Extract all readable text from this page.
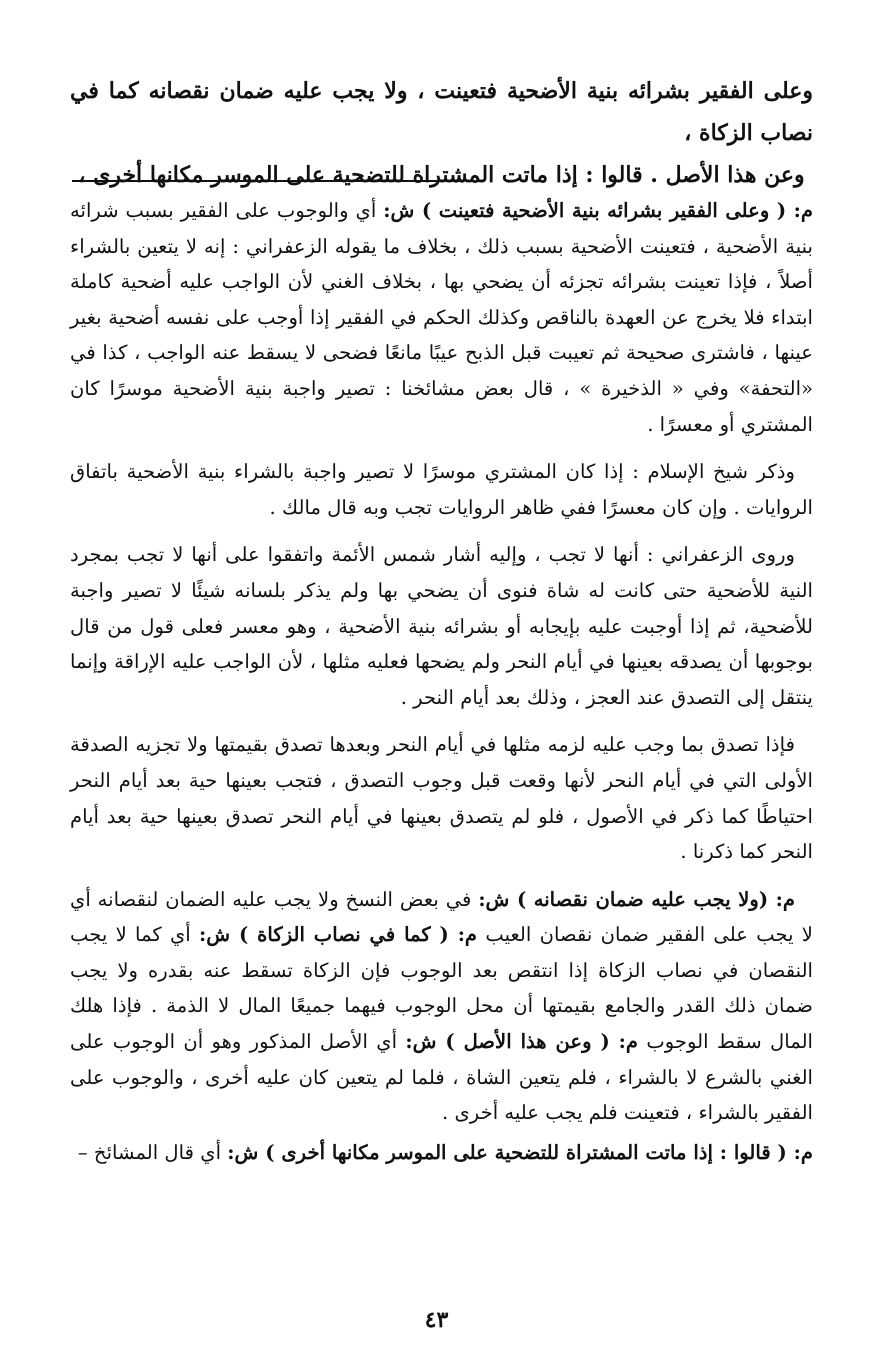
وعلى الفقير بشرائه بنية الأضحية فتعينت ، ولا يجب عليه ضمان نقصانه كما في نصاب الزكاة ،

وعن هذا الأصل . قالوا : إذا ماتت المشتراة للتضحية على الموسر مكانها أخرى ،

م: ( وعلى الفقير بشرائه بنية الأضحية فتعينت ) ش: أي والوجوب على الفقير بسبب شرائه بنية الأضحية ، فتعينت الأضحية بسبب ذلك ، بخلاف ما يقوله الزعفراني : إنه لا يتعين بالشراء أصلاً ، فإذا تعينت بشرائه تجزئه أن يضحي بها ، بخلاف الغني لأن الواجب عليه أضحية كاملة ابتداء فلا يخرج عن العهدة بالناقص وكذلك الحكم في الفقير إذا أوجب على نفسه أضحية بغير عينها ، فاشترى صحيحة ثم تعيبت قبل الذبح عيبًا مانعًا فضحى لا يسقط عنه الواجب ، كذا في «التحفة» وفي « الذخيرة » ، قال بعض مشائخنا : تصير واجبة بنية الأضحية موسرًا كان المشتري أو معسرًا .

وذكر شيخ الإسلام : إذا كان المشتري موسرًا لا تصير واجبة بالشراء بنية الأضحية باتفاق الروايات . وإن كان معسرًا ففي ظاهر الروايات تجب وبه قال مالك .

وروى الزعفراني : أنها لا تجب ، وإليه أشار شمس الأئمة واتفقوا على أنها لا تجب بمجرد النية للأضحية حتى كانت له شاة فنوى أن يضحي بها ولم يذكر بلسانه شيئًا لا تصير واجبة للأضحية، ثم إذا أوجبت عليه بإيجابه أو بشرائه بنية الأضحية ، وهو معسر فعلى قول من قال بوجوبها أن يصدقه بعينها في أيام النحر ولم يضحها فعليه مثلها ، لأن الواجب عليه الإراقة وإنما ينتقل إلى التصدق عند العجز ، وذلك بعد أيام النحر .

فإذا تصدق بما وجب عليه لزمه مثلها في أيام النحر وبعدها تصدق بقيمتها ولا تجزيه الصدقة الأولى التي في أيام النحر لأنها وقعت قبل وجوب التصدق ، فتجب بعينها حية بعد أيام النحر احتياطًا كما ذكر في الأصول ، فلو لم يتصدق بعينها في أيام النحر تصدق بعينها حية بعد أيام النحر كما ذكرنا .

م: (ولا يجب عليه ضمان نقصانه ) ش: في بعض النسخ ولا يجب عليه الضمان لنقصانه أي لا يجب على الفقير ضمان نقصان العيب م: ( كما في نصاب الزكاة ) ش: أي كما لا يجب النقصان في نصاب الزكاة إذا انتقص بعد الوجوب فإن الزكاة تسقط عنه بقدره ولا يجب ضمان ذلك القدر والجامع بقيمتها أن محل الوجوب فيهما جميعًا المال لا الذمة . فإذا هلك المال سقط الوجوب م: ( وعن هذا الأصل ) ش: أي الأصل المذكور وهو أن الوجوب على الغني بالشرع لا بالشراء ، فلم يتعين الشاة ، فلما لم يتعين كان عليه أخرى ، والوجوب على الفقير بالشراء ، فتعينت فلم يجب عليه أخرى .

م: ( قالوا : إذا ماتت المشتراة للتضحية على الموسر مكانها أخرى ) ش: أي قال المشائخ –

٤٣
